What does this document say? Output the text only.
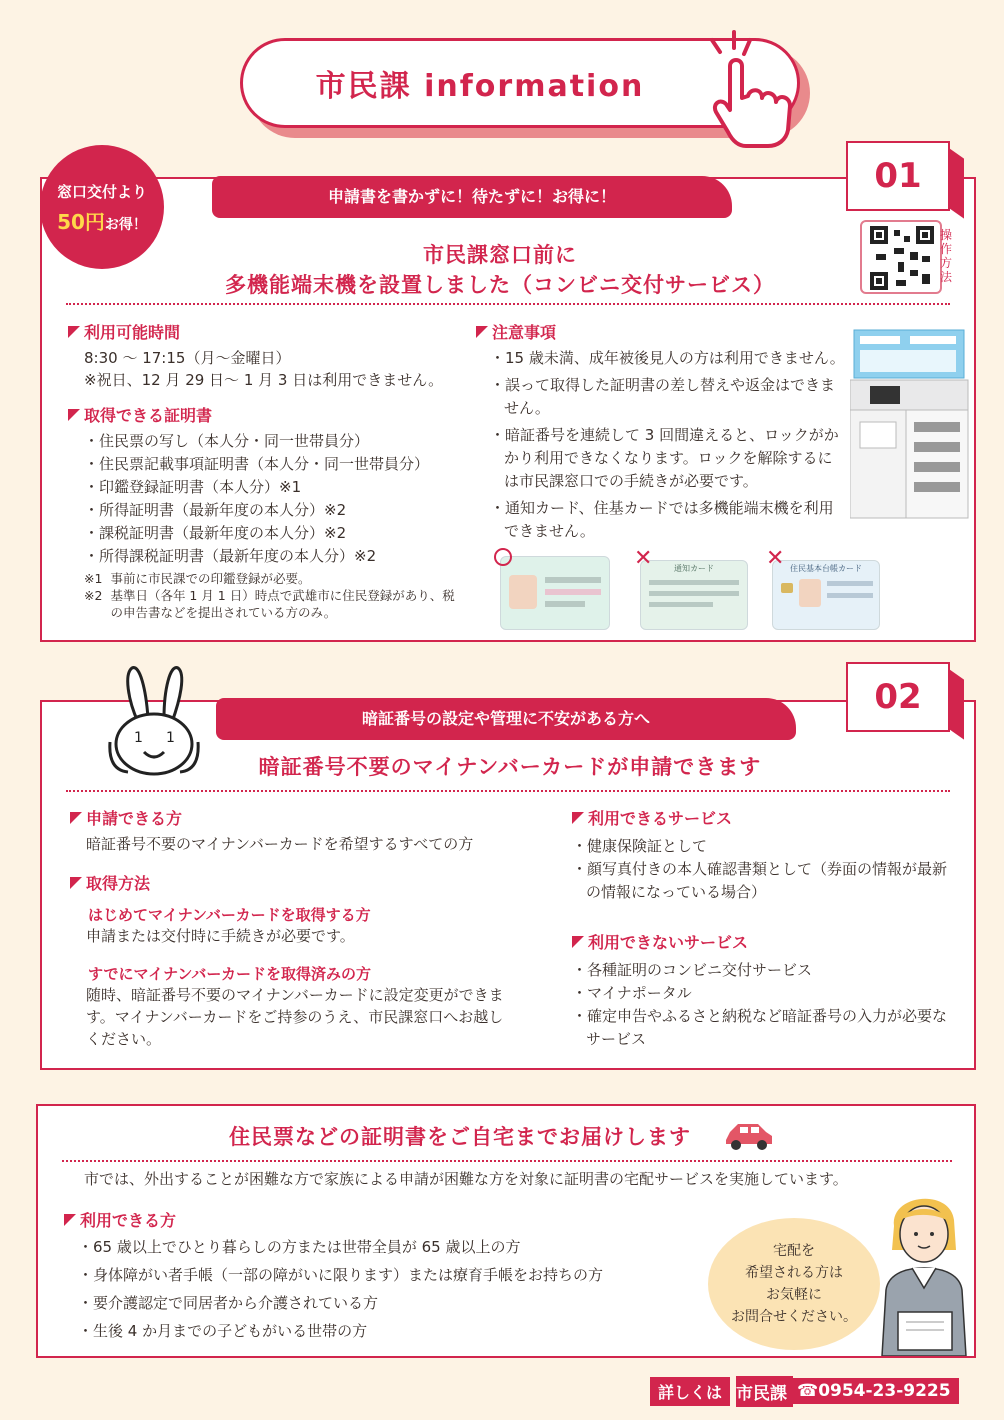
市民課 information
01
申請書を書かずに！待たずに！お得に！
窓口交付より
50円お得！
市民課窓口前に
多機能端末機を設置しました（コンビニ交付サービス）
操作方法
利用可能時間
8:30 ～ 17:15（月～金曜日）
※祝日、12 月 29 日～ 1 月 3 日は利用できません。
取得できる証明書
・ 住民票の写し（本人分・同一世帯員分）
・ 住民票記載事項証明書（本人分・同一世帯員分）
・ 印鑑登録証明書（本人分）※1
・ 所得証明書（最新年度の本人分）※2
・ 課税証明書（最新年度の本人分）※2
・ 所得課税証明書（最新年度の本人分）※2
※1 事前に市民課での印鑑登録が必要。
※2 基準日（各年 1 月 1 日）時点で武雄市に住民登録があり、税の申告書などを提出されている方のみ。
注意事項
・ 15 歳未満、成年被後見人の方は利用できません。
・ 誤って取得した証明書の差し替えや返金はできません。
・ 暗証番号を連続して 3 回間違えると、ロックがかかり利用できなくなります。ロックを解除するには市民課窓口での手続きが必要です。
・ 通知カード、住基カードでは多機能端末機を利用できません。
通知カード
✕	住民基本台帳カード
✕
02
暗証番号の設定や管理に不安がある方へ
1 1
暗証番号不要のマイナンバーカードが申請できます
申請できる方
暗証番号不要のマイナンバーカードを希望するすべての方
取得方法
はじめてマイナンバーカードを取得する方
申請または交付時に手続きが必要です。
すでにマイナンバーカードを取得済みの方
随時、暗証番号不要のマイナンバーカードに設定変更ができます。マイナンバーカードをご持参のうえ、市民課窓口へお越しください。
利用できるサービス
・ 健康保険証として
・ 顔写真付きの本人確認書類として（券面の情報が最新の情報になっている場合）
利用できないサービス
・ 各種証明のコンビニ交付サービス
・ マイナポータル
・ 確定申告やふるさと納税など暗証番号の入力が必要なサービス
住民票などの証明書をご自宅までお届けします
市では、外出することが困難な方で家族による申請が困難な方を対象に証明書の宅配サービスを実施しています。
利用できる方
・ 65 歳以上でひとり暮らしの方または世帯全員が 65 歳以上の方
・ 身体障がい者手帳（一部の障がいに限ります）または療育手帳をお持ちの方
・ 要介護認定で同居者から介護されている方
・ 生後 4 か月までの子どもがいる世帯の方
宅配を
希望される方は
お気軽に
お問合せください。
詳しくは 市民課 ☎0954-23-9225
